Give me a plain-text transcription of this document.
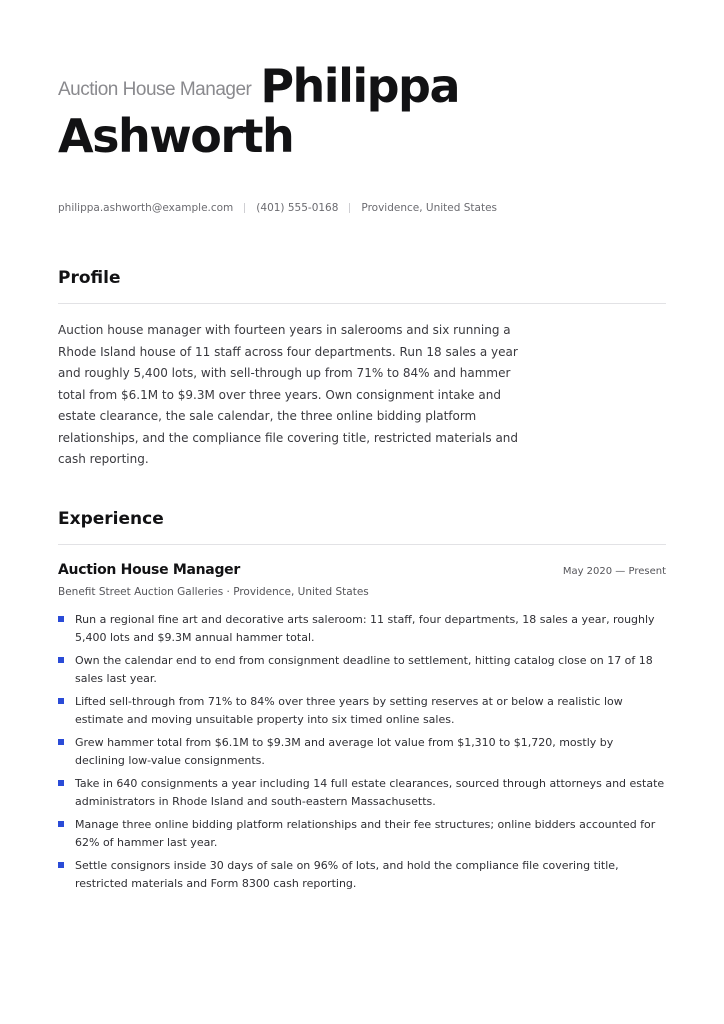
Auction House Manager Philippa
Ashworth
philippa.ashworth@example.com (401) 555-0168 Providence, United States
Profile

Auction house manager with fourteen years in salerooms and six running a Rhode Island house of 11 staff across four departments. Run 18 sales a year and roughly 5,400 lots, with sell-through up from 71% to 84% and hammer total from $6.1M to $9.3M over three years. Own consignment intake and estate clearance, the sale calendar, the three online bidding platform relationships, and the compliance file covering title, restricted materials and cash reporting.

Experience
Auction House Manager	May 2020 — Present
Benefit Street Auction Galleries · Providence, United States
Run a regional fine art and decorative arts saleroom: 11 staff, four departments, 18 sales a year, roughly 5,400 lots and $9.3M annual hammer total.
Own the calendar end to end from consignment deadline to settlement, hitting catalog close on 17 of 18 sales last year.
Lifted sell-through from 71% to 84% over three years by setting reserves at or below a realistic low estimate and moving unsuitable property into six timed online sales.
Grew hammer total from $6.1M to $9.3M and average lot value from $1,310 to $1,720, mostly by declining low-value consignments.
Take in 640 consignments a year including 14 full estate clearances, sourced through attorneys and estate administrators in Rhode Island and south-eastern Massachusetts.
Manage three online bidding platform relationships and their fee structures; online bidders accounted for 62% of hammer last year.
Settle consignors inside 30 days of sale on 96% of lots, and hold the compliance file covering title, restricted materials and Form 8300 cash reporting.
